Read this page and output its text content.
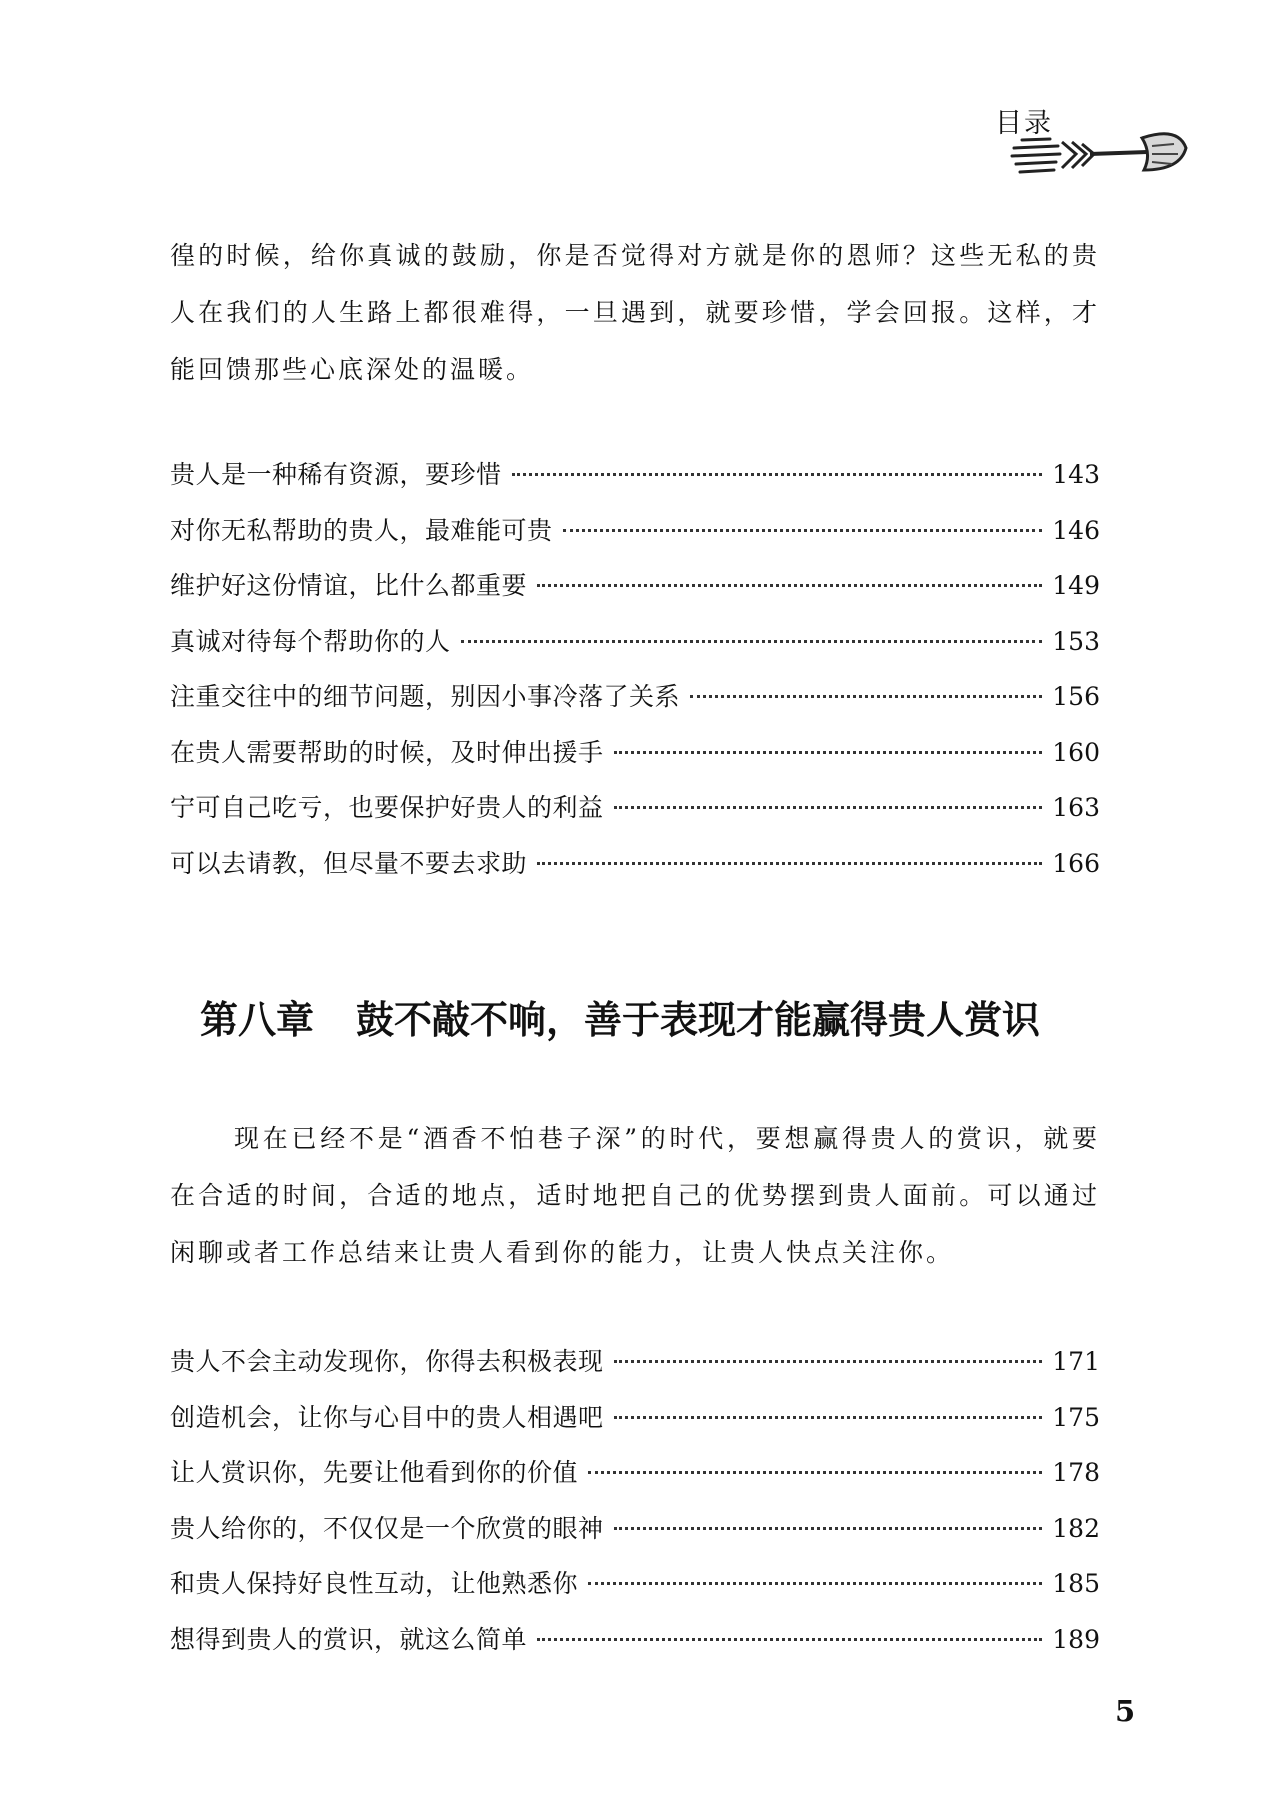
目录

徨的时候，给你真诚的鼓励，你是否觉得对方就是你的恩师？这些无私的贵人在我们的人生路上都很难得，一旦遇到，就要珍惜，学会回报。这样，才能回馈那些心底深处的温暖。

贵人是一种稀有资源，要珍惜	143
对你无私帮助的贵人，最难能可贵	146
维护好这份情谊，比什么都重要	149
真诚对待每个帮助你的人	153
注重交往中的细节问题，别因小事冷落了关系	156
在贵人需要帮助的时候，及时伸出援手	160
宁可自己吃亏，也要保护好贵人的利益	163
可以去请教，但尽量不要去求助	166
第八章 鼓不敲不响，善于表现才能赢得贵人赏识

现在已经不是“酒香不怕巷子深”的时代，要想赢得贵人的赏识，就要在合适的时间，合适的地点，适时地把自己的优势摆到贵人面前。可以通过闲聊或者工作总结来让贵人看到你的能力，让贵人快点关注你。

贵人不会主动发现你，你得去积极表现	171
创造机会，让你与心目中的贵人相遇吧	175
让人赏识你，先要让他看到你的价值	178
贵人给你的，不仅仅是一个欣赏的眼神	182
和贵人保持好良性互动，让他熟悉你	185
想得到贵人的赏识，就这么简单	189
5
